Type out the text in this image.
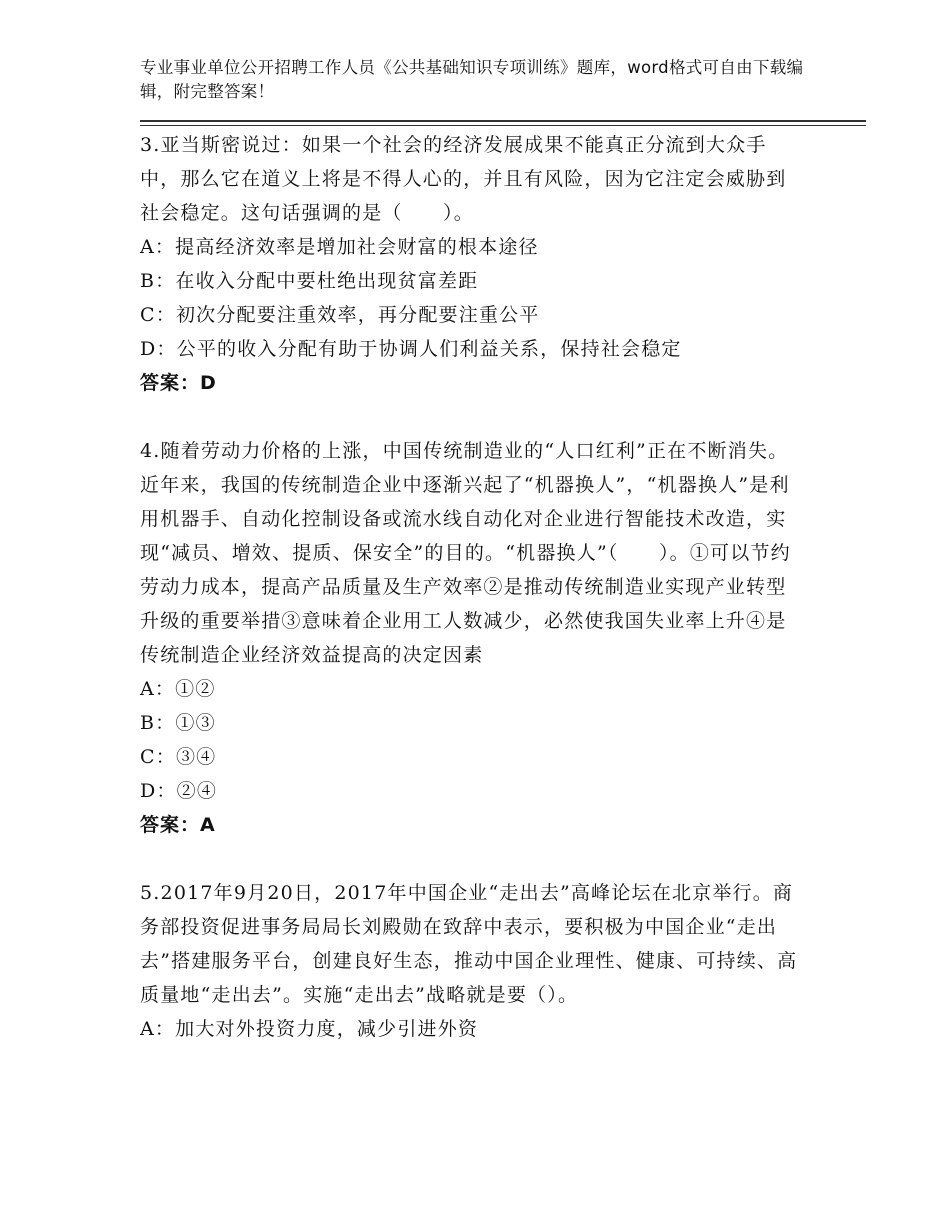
专业事业单位公开招聘工作人员《公共基础知识专项训练》题库，word格式可自由下载编辑，附完整答案！

3.亚当斯密说过：如果一个社会的经济发展成果不能真正分流到大众手中，那么它在道义上将是不得人心的，并且有风险，因为它注定会威胁到社会稳定。这句话强调的是（　　）。

A：提高经济效率是增加社会财富的根本途径
B：在收入分配中要杜绝出现贫富差距
C：初次分配要注重效率，再分配要注重公平
D：公平的收入分配有助于协调人们利益关系，保持社会稳定
答案：D

4.随着劳动力价格的上涨，中国传统制造业的“人口红利”正在不断消失。近年来，我国的传统制造企业中逐渐兴起了“机器换人”，“机器换人”是利用机器手、自动化控制设备或流水线自动化对企业进行智能技术改造，实现“减员、增效、提质、保安全”的目的。“机器换人”（　　）。①可以节约劳动力成本，提高产品质量及生产效率②是推动传统制造业实现产业转型升级的重要举措③意味着企业用工人数减少，必然使我国失业率上升④是传统制造企业经济效益提高的决定因素

A：①②
B：①③
C：③④
D：②④
答案：A

5.2017年9月20日，2017年中国企业“走出去”高峰论坛在北京举行。商务部投资促进事务局局长刘殿勋在致辞中表示，要积极为中国企业“走出去”搭建服务平台，创建良好生态，推动中国企业理性、健康、可持续、高质量地“走出去”。实施“走出去”战略就是要（）。

A：加大对外投资力度，减少引进外资
